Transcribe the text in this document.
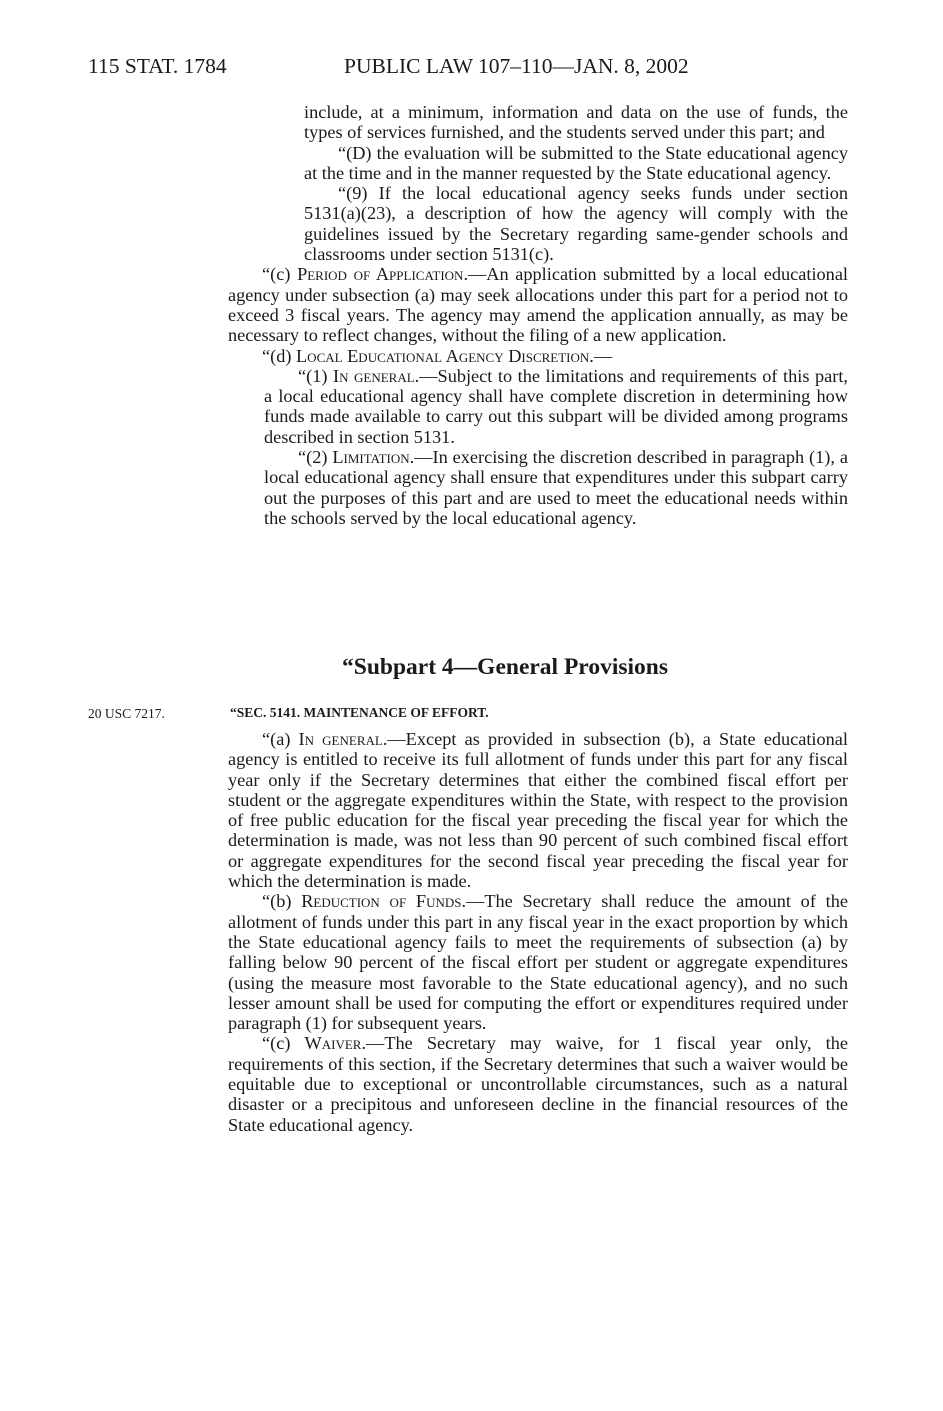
115 STAT. 1784	PUBLIC LAW 107–110—JAN. 8, 2002

include, at a minimum, information and data on the use of funds, the types of services furnished, and the students served under this part; and

“(D) the evaluation will be submitted to the State educational agency at the time and in the manner requested by the State educational agency.

“(9) If the local educational agency seeks funds under section 5131(a)(23), a description of how the agency will comply with the guidelines issued by the Secretary regarding same-gender schools and classrooms under section 5131(c).

“(c) Period of Application.—An application submitted by a local educational agency under subsection (a) may seek allocations under this part for a period not to exceed 3 fiscal years. The agency may amend the application annually, as may be necessary to reflect changes, without the filing of a new application.

“(d) Local Educational Agency Discretion.—

“(1) In general.—Subject to the limitations and requirements of this part, a local educational agency shall have complete discretion in determining how funds made available to carry out this subpart will be divided among programs described in section 5131.

“(2) Limitation.—In exercising the discretion described in paragraph (1), a local educational agency shall ensure that expenditures under this subpart carry out the purposes of this part and are used to meet the educational needs within the schools served by the local educational agency.

“Subpart 4—General Provisions
20 USC 7217.	“SEC. 5141. MAINTENANCE OF EFFORT.

“(a) In general.—Except as provided in subsection (b), a State educational agency is entitled to receive its full allotment of funds under this part for any fiscal year only if the Secretary determines that either the combined fiscal effort per student or the aggregate expenditures within the State, with respect to the provision of free public education for the fiscal year preceding the fiscal year for which the determination is made, was not less than 90 percent of such combined fiscal effort or aggregate expenditures for the second fiscal year preceding the fiscal year for which the determination is made.

“(b) Reduction of Funds.—The Secretary shall reduce the amount of the allotment of funds under this part in any fiscal year in the exact proportion by which the State educational agency fails to meet the requirements of subsection (a) by falling below 90 percent of the fiscal effort per student or aggregate expenditures (using the measure most favorable to the State educational agency), and no such lesser amount shall be used for computing the effort or expenditures required under paragraph (1) for subsequent years.

“(c) Waiver.—The Secretary may waive, for 1 fiscal year only, the requirements of this section, if the Secretary determines that such a waiver would be equitable due to exceptional or uncontrollable circumstances, such as a natural disaster or a precipitous and unforeseen decline in the financial resources of the State educational agency.
